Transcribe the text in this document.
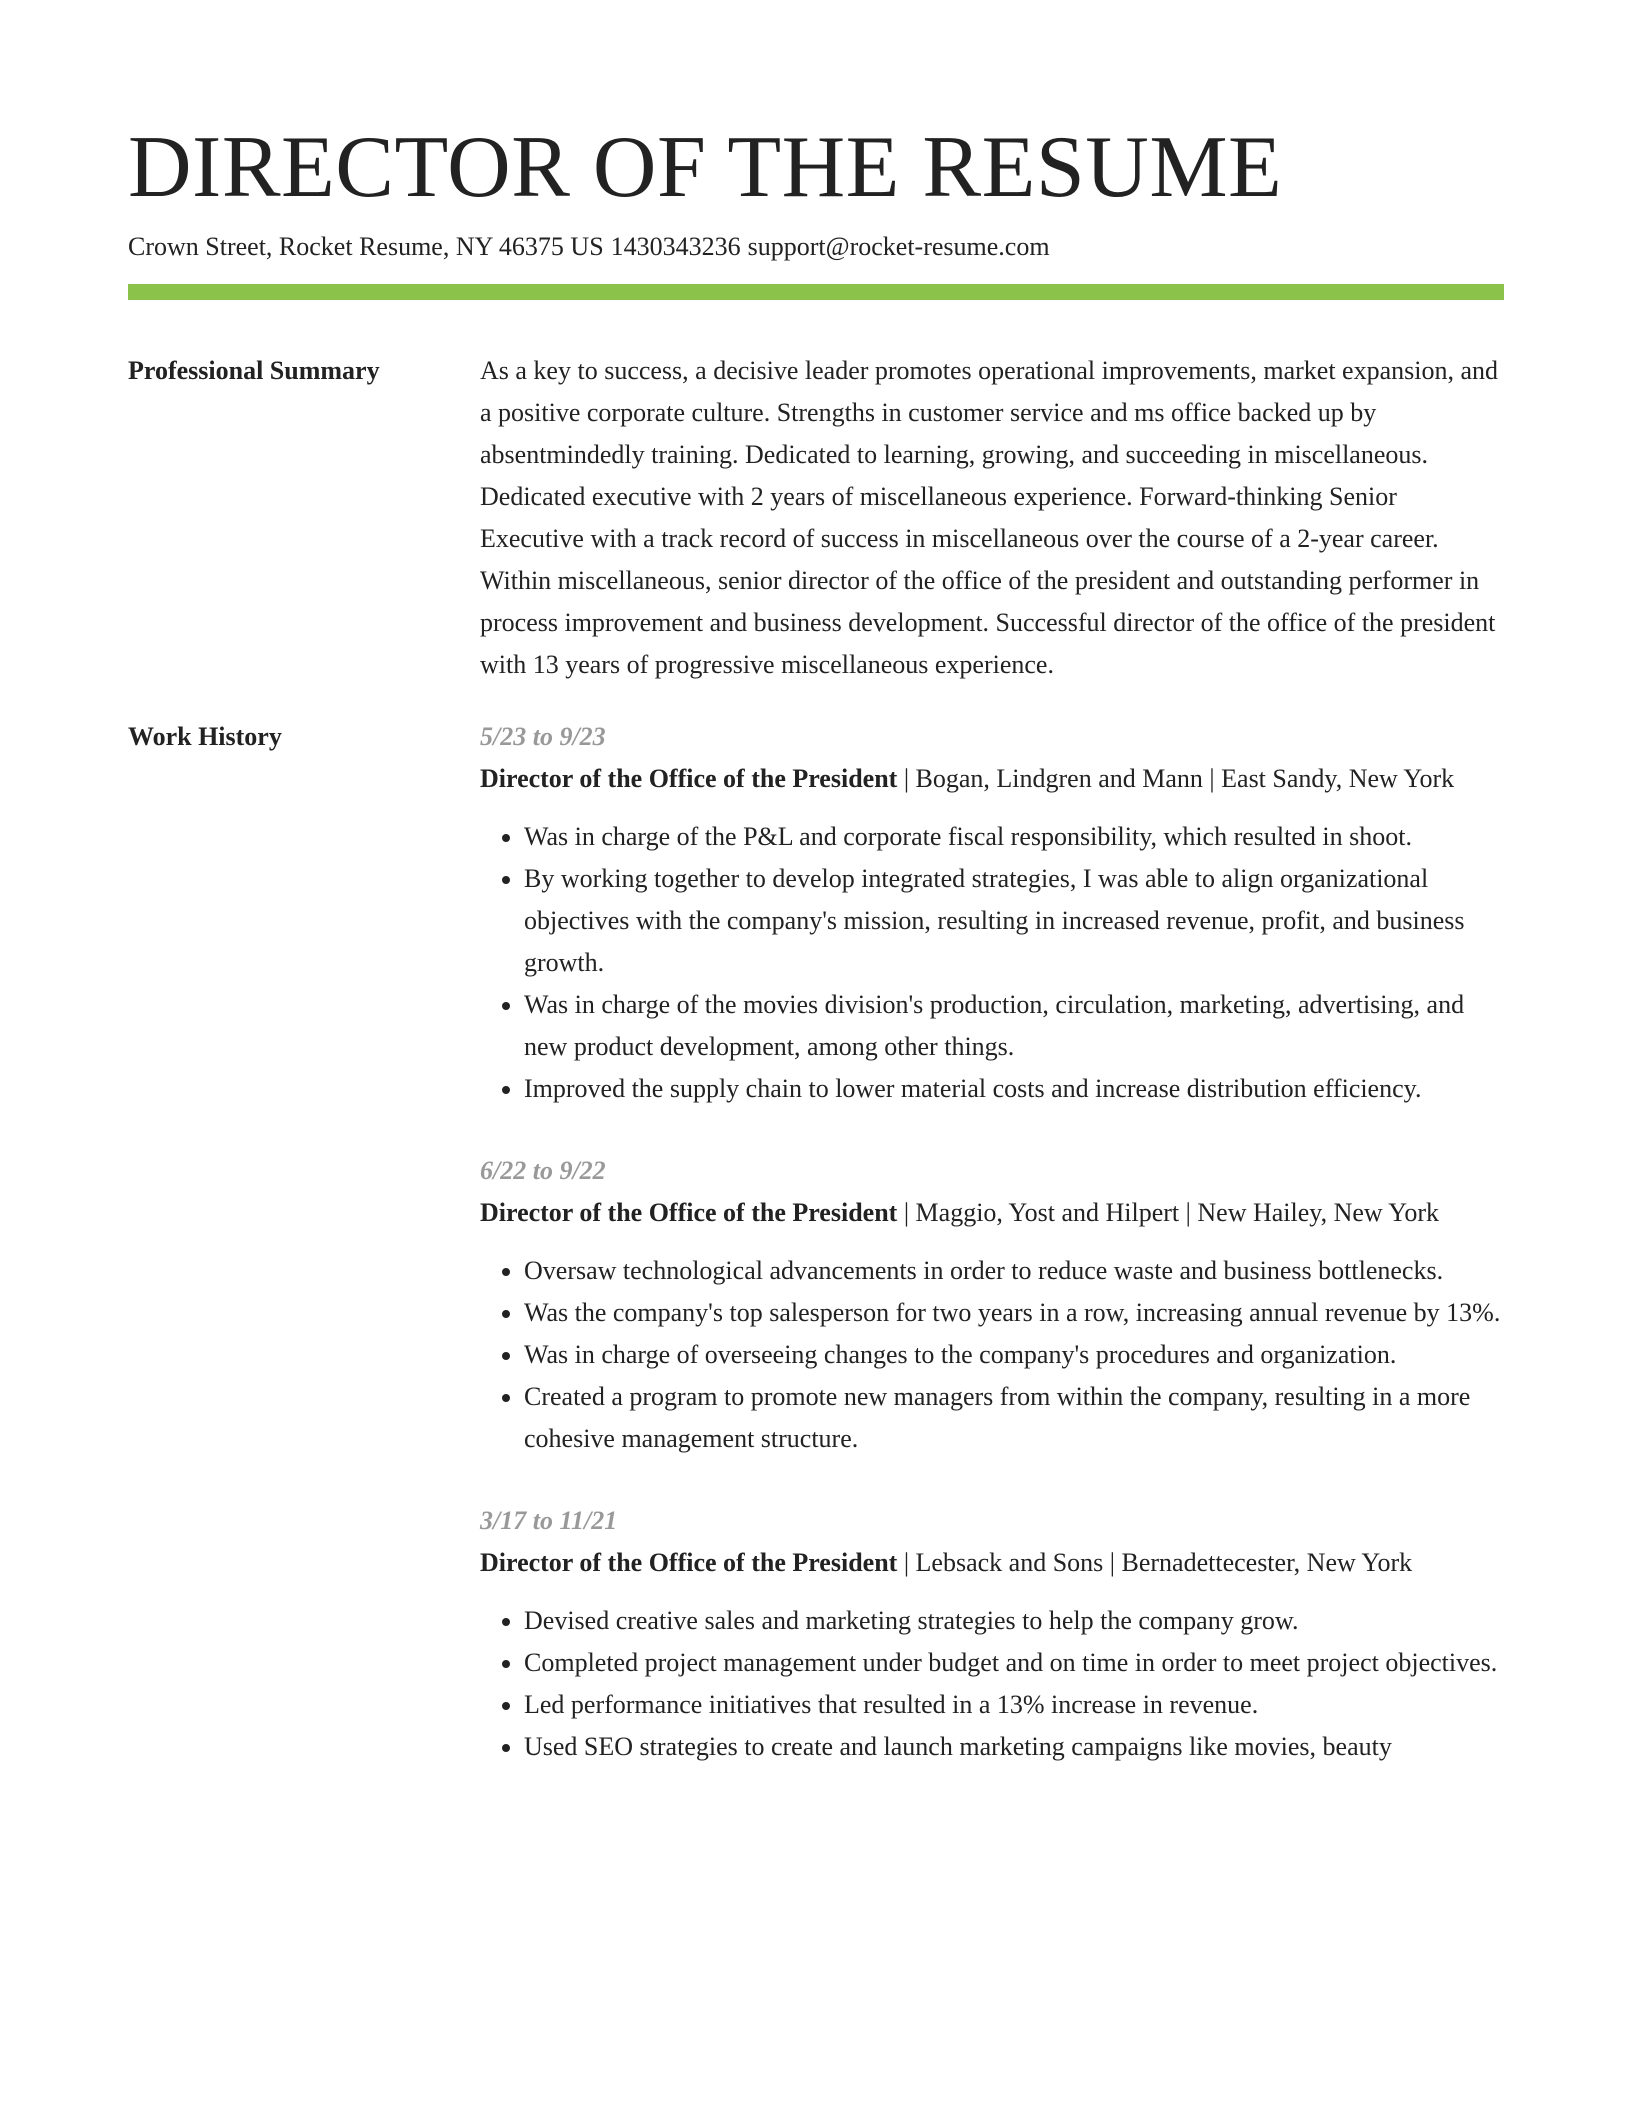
DIRECTOR OF THE RESUME
Crown Street, Rocket Resume, NY 46375 US 1430343236 support@rocket-resume.com
Professional Summary	As a key to success, a decisive leader promotes operational improvements, market expansion, and a positive corporate culture. Strengths in customer service and ms office backed up by absentmindedly training. Dedicated to learning, growing, and succeeding in miscellaneous. Dedicated executive with 2 years of miscellaneous experience. Forward-thinking Senior Executive with a track record of success in miscellaneous over the course of a 2-year career. Within miscellaneous, senior director of the office of the president and outstanding performer in process improvement and business development. Successful director of the office of the president with 13 years of progressive miscellaneous experience.

Work History	5/23 to 9/23
Director of the Office of the President | Bogan, Lindgren and Mann | East Sandy, New York
• Was in charge of the P&L and corporate fiscal responsibility, which resulted in shoot.
• By working together to develop integrated strategies, I was able to align organizational objectives with the company's mission, resulting in increased revenue, profit, and business growth.
• Was in charge of the movies division's production, circulation, marketing, advertising, and new product development, among other things.
• Improved the supply chain to lower material costs and increase distribution efficiency.
6/22 to 9/22
Director of the Office of the President | Maggio, Yost and Hilpert | New Hailey, New York
• Oversaw technological advancements in order to reduce waste and business bottlenecks.
• Was the company's top salesperson for two years in a row, increasing annual revenue by 13%.
• Was in charge of overseeing changes to the company's procedures and organization.
• Created a program to promote new managers from within the company, resulting in a more cohesive management structure.
3/17 to 11/21
Director of the Office of the President | Lebsack and Sons | Bernadettecester, New York
• Devised creative sales and marketing strategies to help the company grow.
• Completed project management under budget and on time in order to meet project objectives.
• Led performance initiatives that resulted in a 13% increase in revenue.
• Used SEO strategies to create and launch marketing campaigns like movies, beauty
